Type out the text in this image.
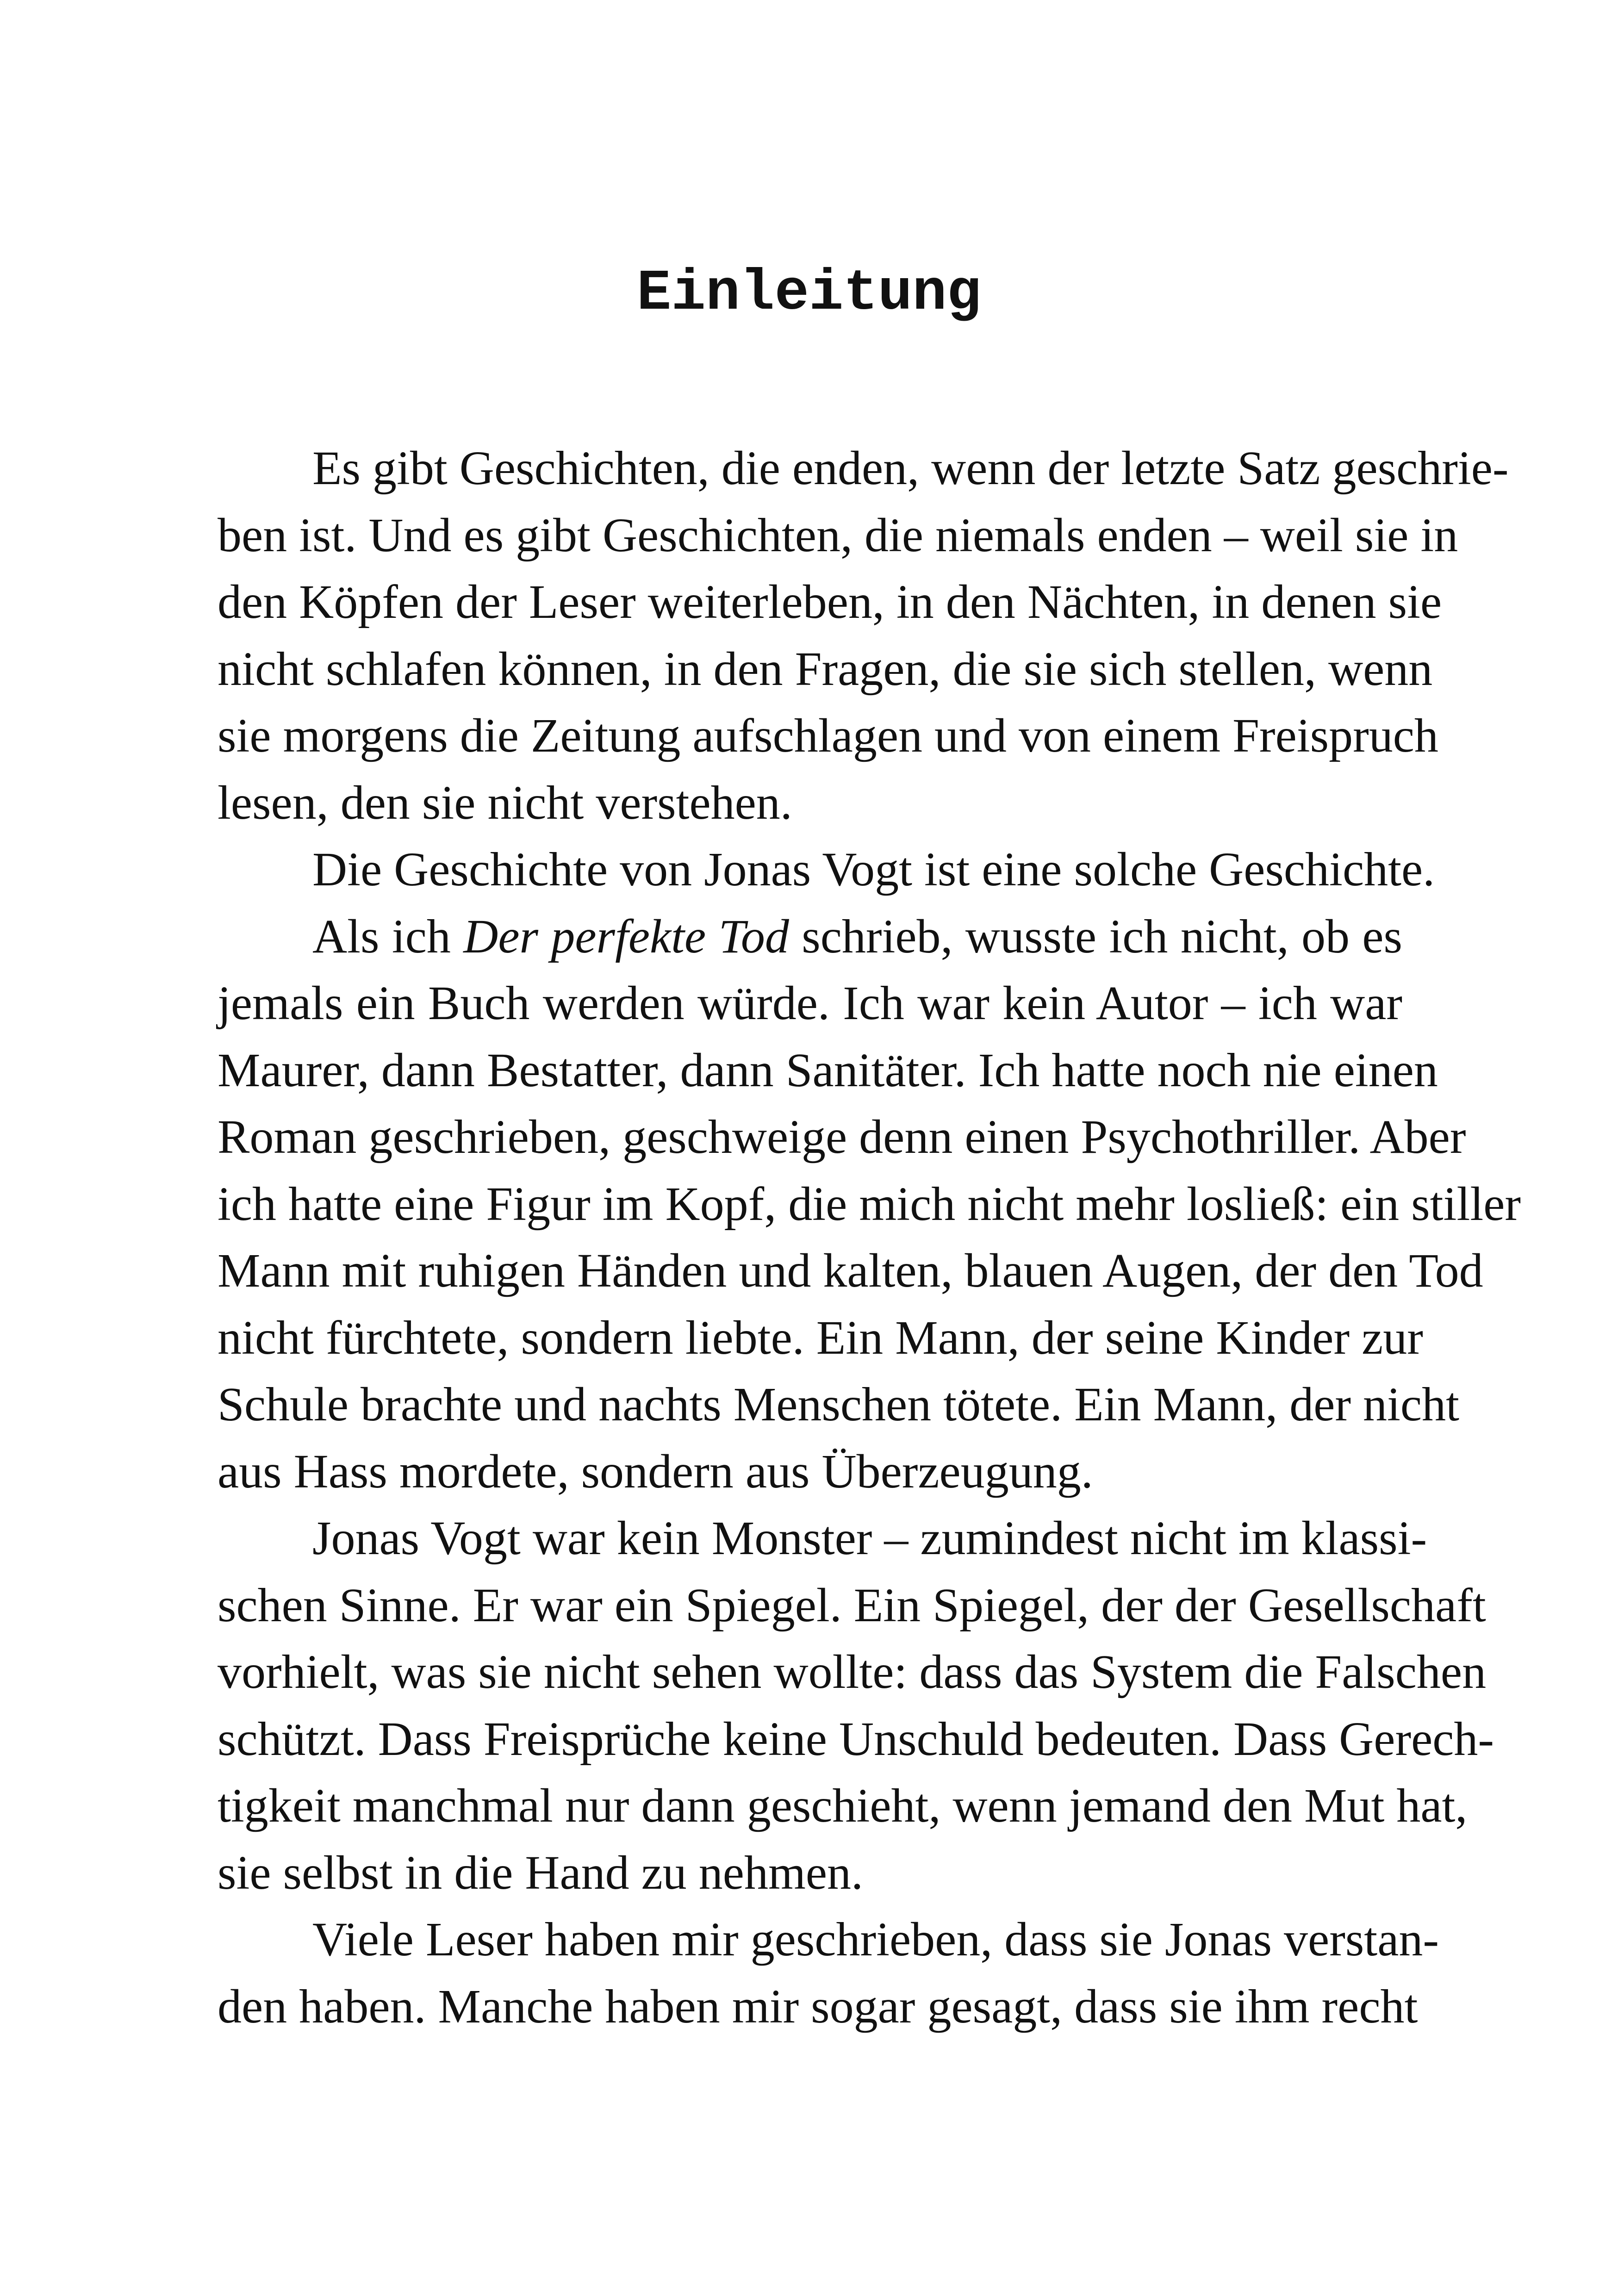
Einleitung

Es gibt Geschichten, die enden, wenn der letzte Satz geschrie-
ben ist. Und es gibt Geschichten, die niemals enden – weil sie in
den Köpfen der Leser weiterleben, in den Nächten, in denen sie
nicht schlafen können, in den Fragen, die sie sich stellen, wenn
sie morgens die Zeitung aufschlagen und von einem Freispruch
lesen, den sie nicht verstehen.

Die Geschichte von Jonas Vogt ist eine solche Geschichte.

Als ich Der perfekte Tod schrieb, wusste ich nicht, ob es
jemals ein Buch werden würde. Ich war kein Autor – ich war
Maurer, dann Bestatter, dann Sanitäter. Ich hatte noch nie einen
Roman geschrieben, geschweige denn einen Psychothriller. Aber
ich hatte eine Figur im Kopf, die mich nicht mehr losließ: ein stiller
Mann mit ruhigen Händen und kalten, blauen Augen, der den Tod
nicht fürchtete, sondern liebte. Ein Mann, der seine Kinder zur
Schule brachte und nachts Menschen tötete. Ein Mann, der nicht
aus Hass mordete, sondern aus Überzeugung.

Jonas Vogt war kein Monster – zumindest nicht im klassi-
schen Sinne. Er war ein Spiegel. Ein Spiegel, der der Gesellschaft
vorhielt, was sie nicht sehen wollte: dass das System die Falschen
schützt. Dass Freisprüche keine Unschuld bedeuten. Dass Gerech-
tigkeit manchmal nur dann geschieht, wenn jemand den Mut hat,
sie selbst in die Hand zu nehmen.

Viele Leser haben mir geschrieben, dass sie Jonas verstan-
den haben. Manche haben mir sogar gesagt, dass sie ihm recht
